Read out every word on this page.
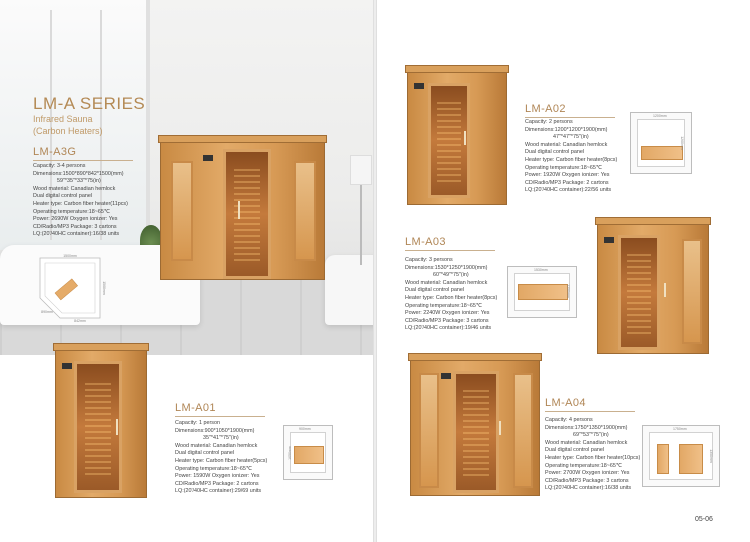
LM-A SERIES
Infrared Sauna
(Carbon Heaters)
LM-A3G
Capacity: 3-4 persons
Dimensions:1500*890*842*1500(mm)
59"*35"*33"*75(in)
Wood material: Canadian hemlock
Dual digital control panel
Heater type: Carbon fiber heater(11pcs)
Operating temperature:18~65℃
Power: 2690W Oxygen ionizer: Yes
CD/Radio/MP3 Package: 3 cartons
LQ:(20'/40HC container):16/38 units
1500mm
1500mm
890mm
842mm
LM-A01
Capacity: 1 person
Dimensions:900*1050*1900(mm)
35"*41"*75"(in)
Wood material: Canadian hemlock
Dual digital control panel
Heater type: Carbon fiber heater(5pcs)
Operating temperature:18~65℃
Power: 1590W Oxygen ionizer: Yes
CD/Radio/MP3 Package: 2 cartons
LQ:(20'/40HC container):29/69 units
900mm
1050mm
LM-A02
Capacity: 2 persons
Dimensions:1200*1200*1900(mm)
47"*47"*75"(in)
Wood material: Canadian hemlock
Dual digital control panel
Heater type: Carbon fiber heater(8pcs)
Operating temperature:18~65℃
Power: 1920W Oxygen ionizer: Yes
CD/Radio/MP3 Package: 2 cartons
LQ:(20'/40HC container):22/56 units
1200mm
1200mm
LM-A03
Capacity: 3 persons
Dimensions:1530*1250*1900(mm)
60"*49"*75"(in)
Wood material: Canadian hemlock
Dual digital control panel
Heater type: Carbon fiber heater(8pcs)
Operating temperature:18~65℃
Power: 2240W Oxygen ionizer: Yes
CD/Radio/MP3 Package: 3 cartons
LQ:(20'/40HC container):19/46 units
1530mm
1250mm
LM-A04
Capacity: 4 persons
Dimensions:1750*1350*1900(mm)
69"*53"*75"(in)
Wood material: Canadian hemlock
Dual digital control panel
Heater type: Carbon fiber heater(10pcs)
Operating temperature:18~65℃
Power: 2700W Oxygen ionizer: Yes
CD/Radio/MP3 Package: 3 cartons
LQ:(20'/40HC container):16/38 units
1750mm
1350mm
05-06
